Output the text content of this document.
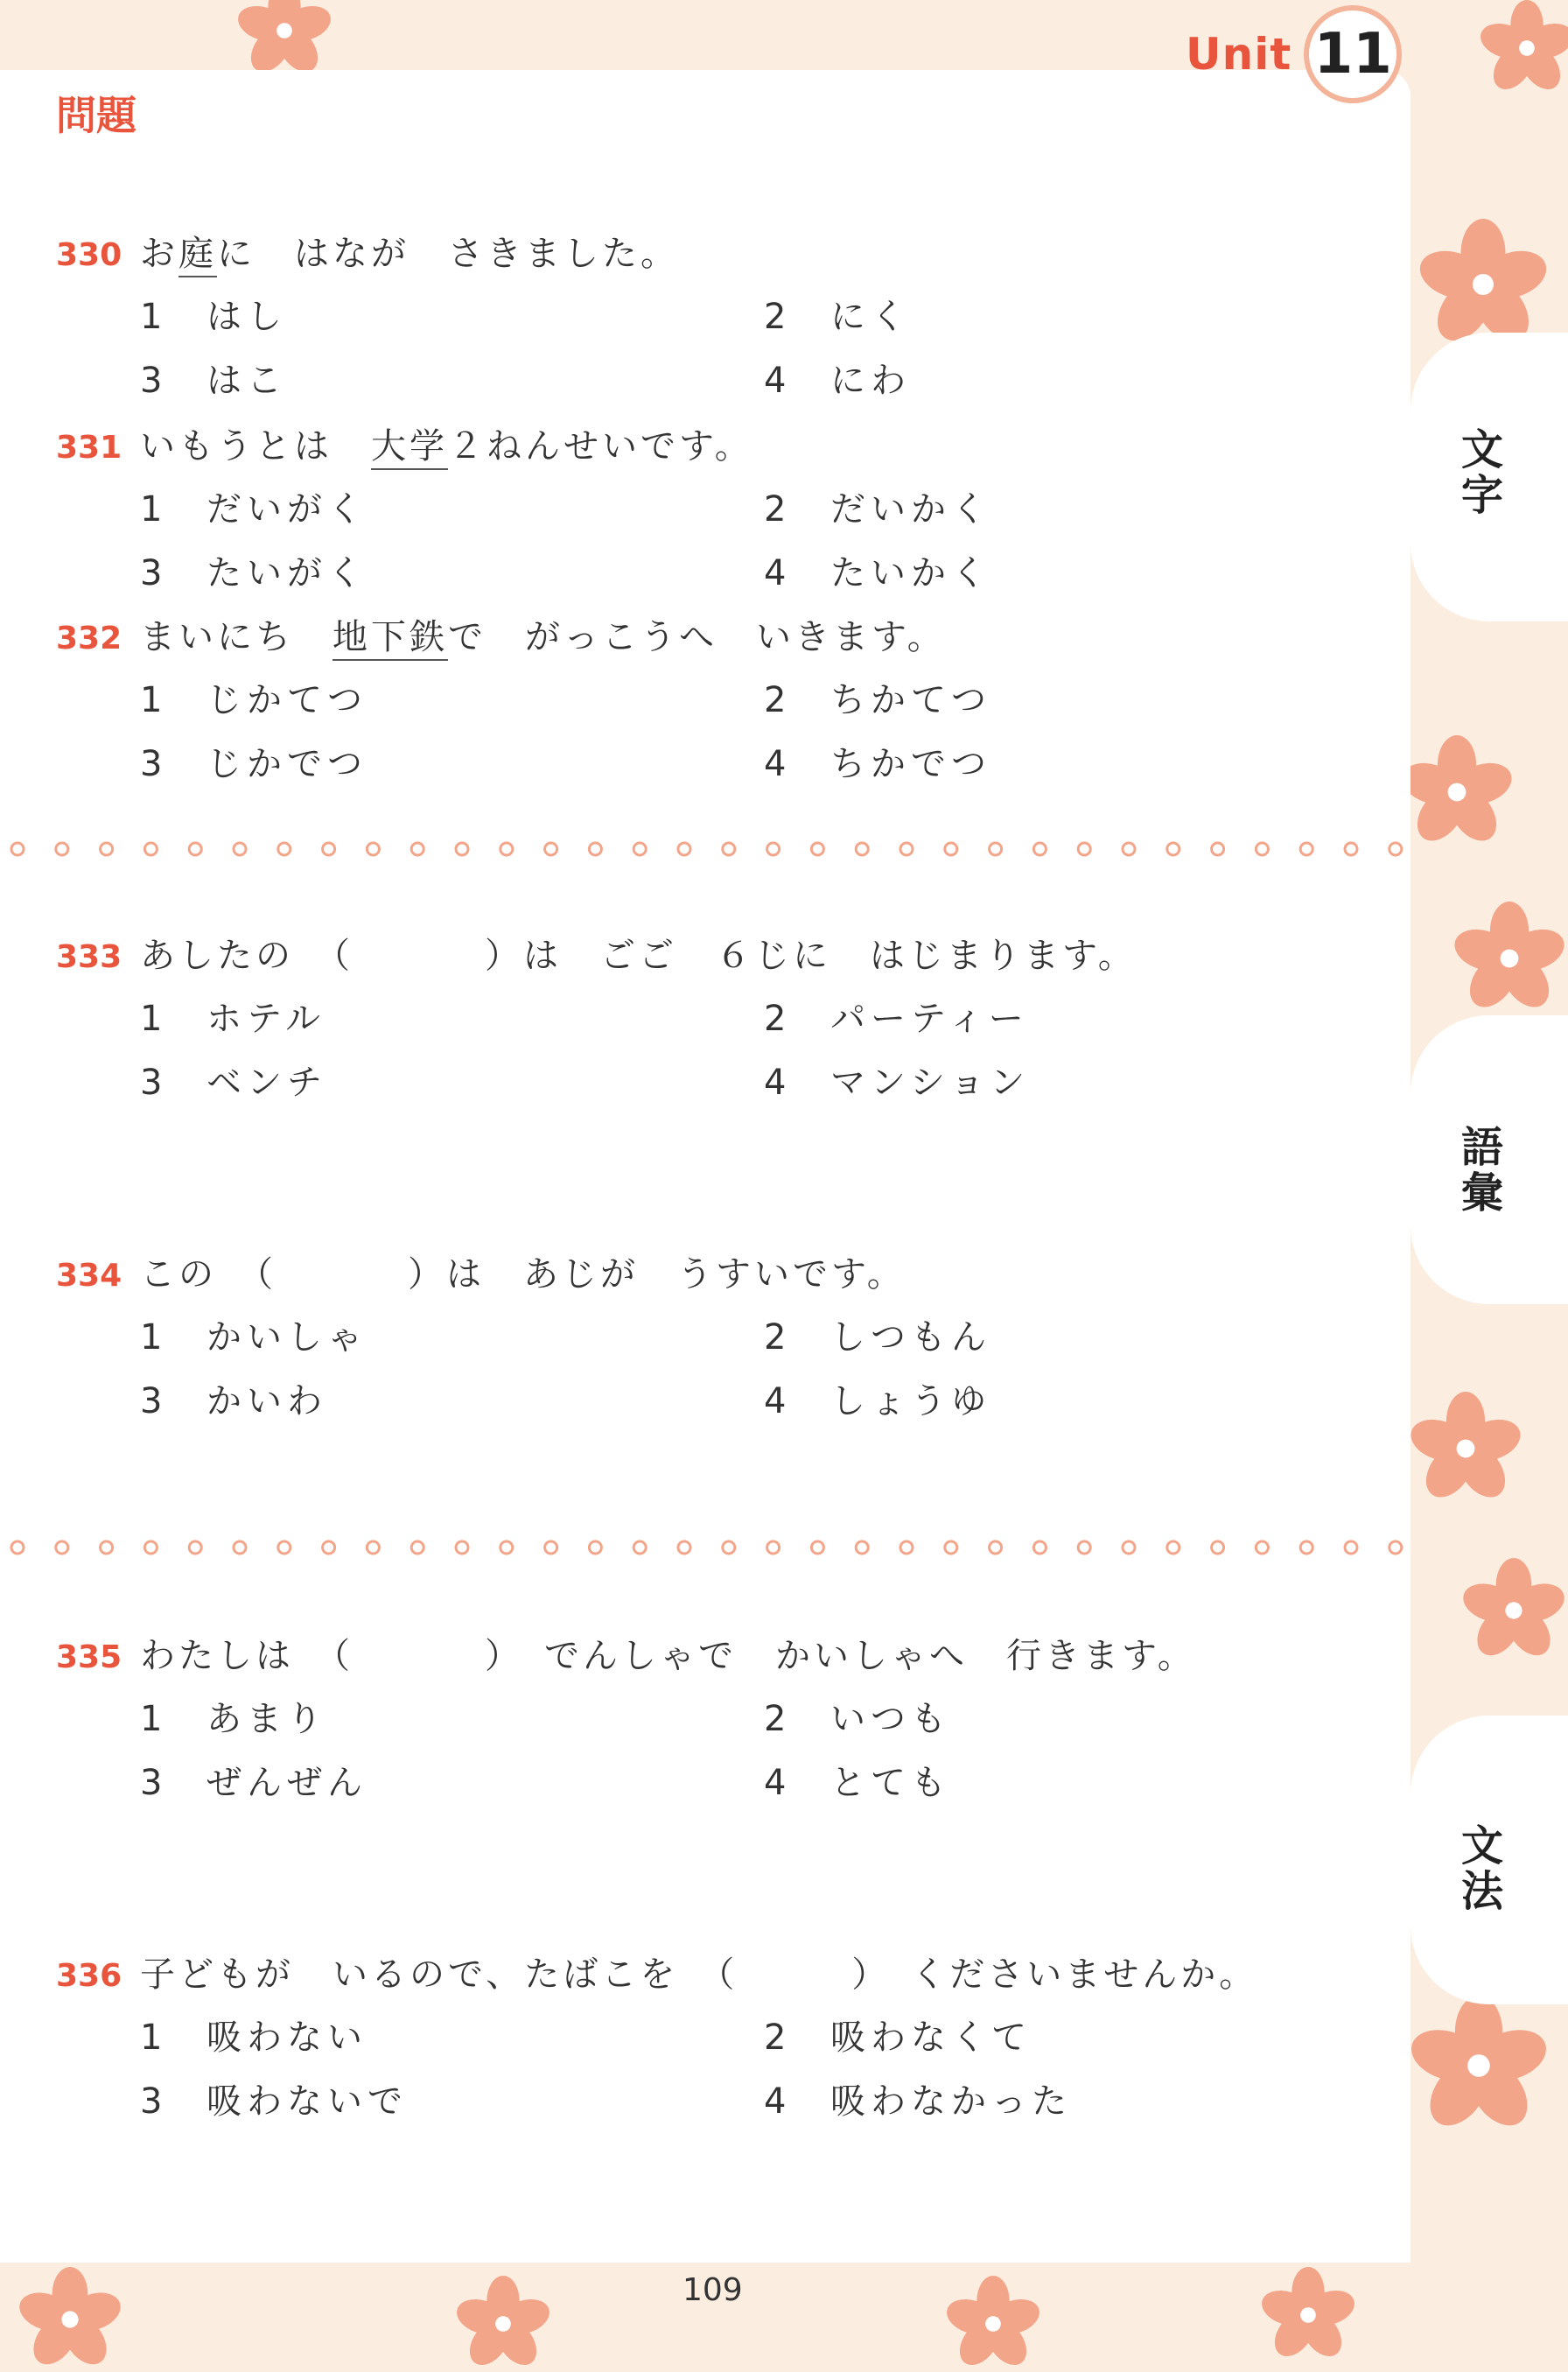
Unit 11
問題
文字
語彙
文法
330 お庭に　はなが　さきました。
1 はし	2 にく
3 はこ	4 にわ
331 いもうとは　大学２ねんせいです。
1 だいがく	2 だいかく
3 たいがく	4 たいかく
332 まいにち　地下鉄で　がっこうへ　いきます。
1 じかてつ	2 ちかてつ
3 じかでつ	4 ちかでつ
333 あしたの　（	）は　ごご　６じに　はじまります。
1 ホテル	2 パーティー
3 ベンチ	4 マンション
334 この　（	）は　あじが　うすいです。
1 かいしゃ	2 しつもん
3 かいわ	4 しょうゆ
335 わたしは　（	）　でんしゃで　かいしゃへ　行きます。
1 あまり	2 いつも
3 ぜんぜん	4 とても
336 子どもが　いるので、たばこを　（	）　くださいませんか。
1 吸わない	2 吸わなくて
3 吸わないで	4 吸わなかった
109
